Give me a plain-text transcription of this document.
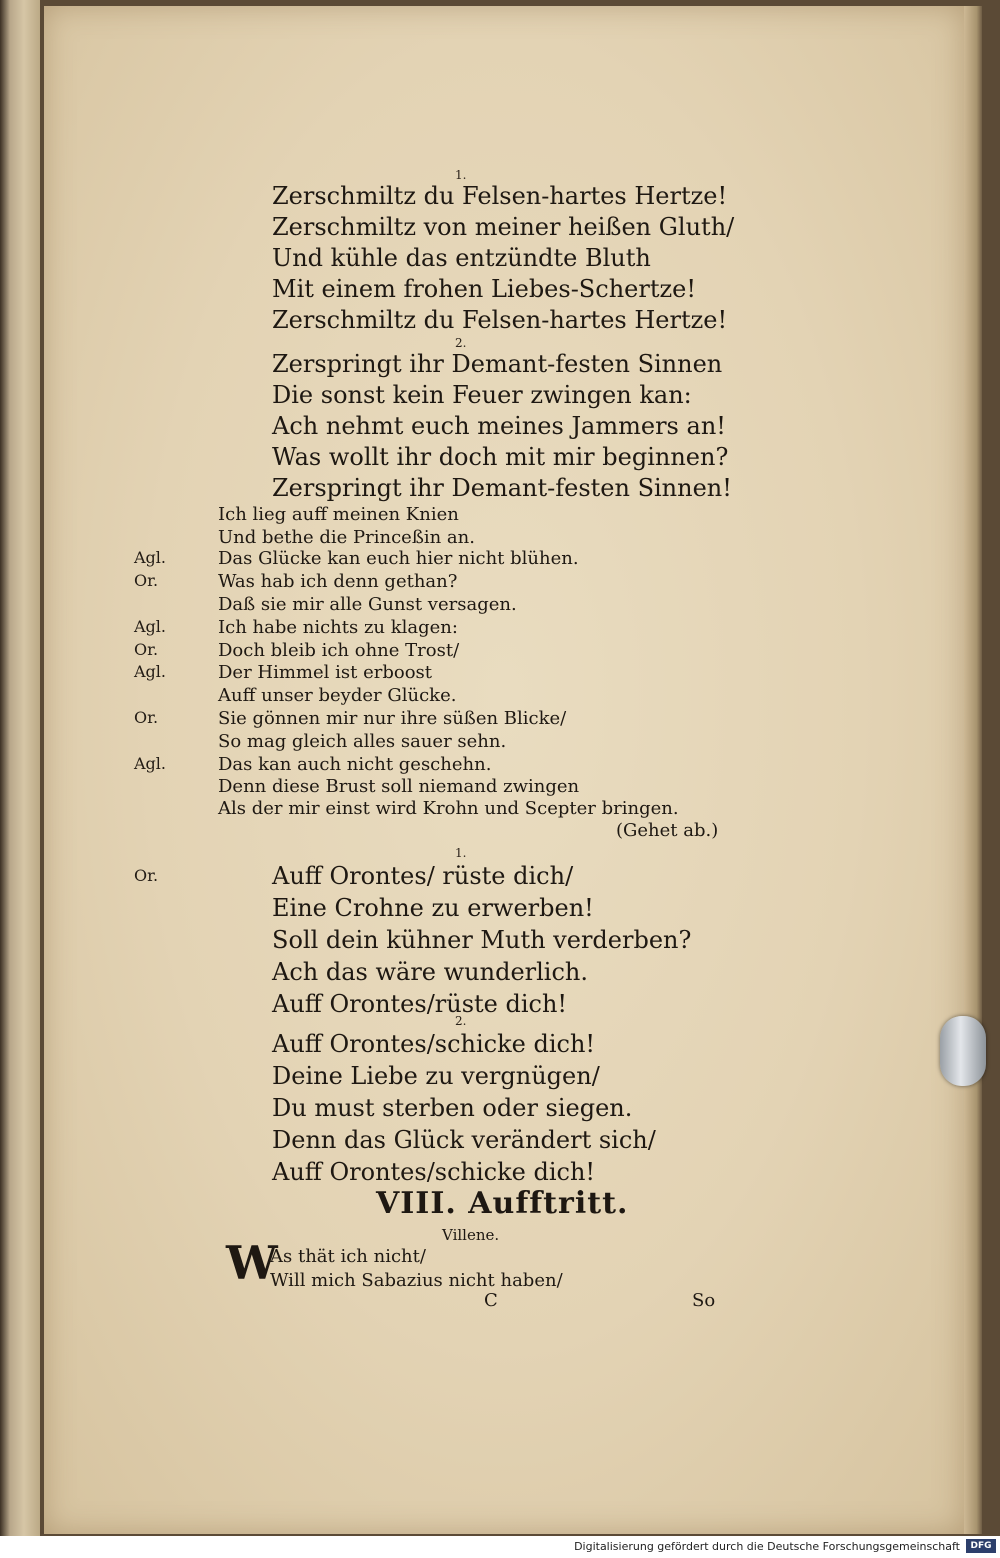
1.
Zerschmiltz du Felsen-hartes Hertze!
Zerschmiltz von meiner heißen Gluth/
Und kühle das entzündte Bluth
Mit einem frohen Liebes-Schertze!
Zerschmiltz du Felsen-hartes Hertze!
2.
Zerspringt ihr Demant-festen Sinnen
Die sonst kein Feuer zwingen kan:
Ach nehmt euch meines Jammers an!
Was wollt ihr doch mit mir beginnen?
Zerspringt ihr Demant-festen Sinnen!
Ich lieg auff meinen Knien
Und bethe die Princeßin an.
Agl.	Das Glücke kan euch hier nicht blühen.
Or.	Was hab ich denn gethan?
Daß sie mir alle Gunst versagen.
Agl.	Ich habe nichts zu klagen:
Or.	Doch bleib ich ohne Trost/
Agl.	Der Himmel ist erboost
Auff unser beyder Glücke.
Or.	Sie gönnen mir nur ihre süßen Blicke/
So mag gleich alles sauer sehn.
Agl.	Das kan auch nicht geschehn.
Denn diese Brust soll niemand zwingen
Als der mir einst wird Krohn und Scepter bringen.
(Gehet ab.)
1.
Or.	Auff Orontes/ rüste dich/
Eine Crohne zu erwerben!
Soll dein kühner Muth verderben?
Ach das wäre wunderlich.
Auff Orontes/rüste dich!
2.
Auff Orontes/schicke dich!
Deine Liebe zu vergnügen/
Du must sterben oder siegen.
Denn das Glück verändert sich/
Auff Orontes/schicke dich!
VIII. Aufftritt.
Villene.
W
As thät ich nicht/
Will mich Sabazius nicht haben/
C	So
Digitalisierung gefördert durch die Deutsche Forschungsgemeinschaft	DFG
